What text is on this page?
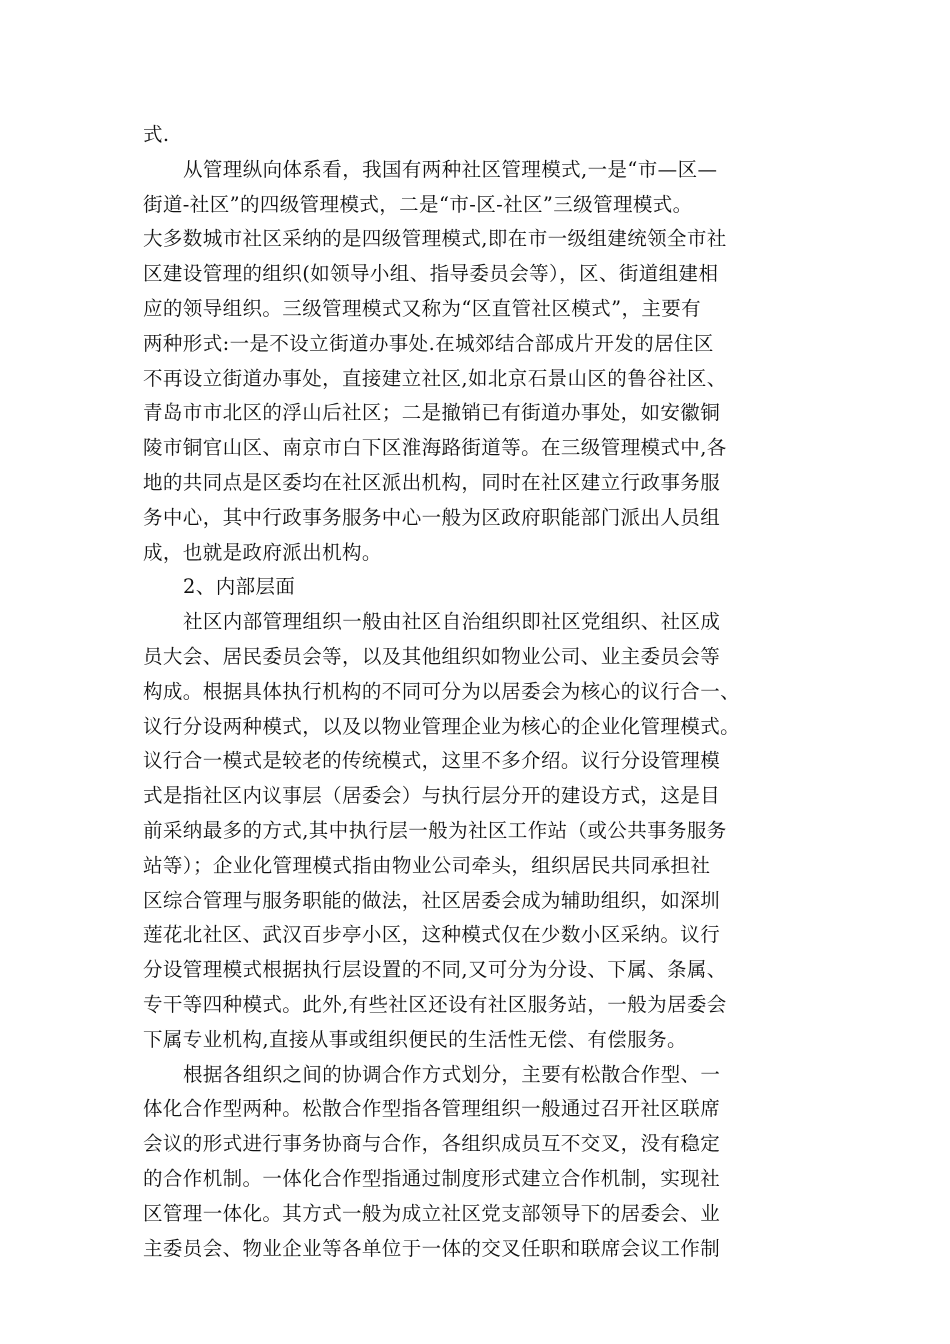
式.
从管理纵向体系看，我国有两种社区管理模式,一是“市—区—
街道-社区”的四级管理模式，二是“市-区-社区”三级管理模式。
大多数城市社区采纳的是四级管理模式,即在市一级组建统领全市社
区建设管理的组织(如领导小组、指导委员会等），区、街道组建相
应的领导组织。三级管理模式又称为“区直管社区模式”，主要有
两种形式:一是不设立街道办事处.在城郊结合部成片开发的居住区
不再设立街道办事处，直接建立社区,如北京石景山区的鲁谷社区、
青岛市市北区的浮山后社区；二是撤销已有街道办事处，如安徽铜
陵市铜官山区、南京市白下区淮海路街道等。在三级管理模式中,各
地的共同点是区委均在社区派出机构，同时在社区建立行政事务服
务中心，其中行政事务服务中心一般为区政府职能部门派出人员组
成，也就是政府派出机构。
2、内部层面
社区内部管理组织一般由社区自治组织即社区党组织、社区成
员大会、居民委员会等，以及其他组织如物业公司、业主委员会等
构成。根据具体执行机构的不同可分为以居委会为核心的议行合一、
议行分设两种模式，以及以物业管理企业为核心的企业化管理模式。
议行合一模式是较老的传统模式，这里不多介绍。议行分设管理模
式是指社区内议事层（居委会）与执行层分开的建设方式，这是目
前采纳最多的方式,其中执行层一般为社区工作站（或公共事务服务
站等）；企业化管理模式指由物业公司牵头，组织居民共同承担社
区综合管理与服务职能的做法，社区居委会成为辅助组织，如深圳
莲花北社区、武汉百步亭小区，这种模式仅在少数小区采纳。议行
分设管理模式根据执行层设置的不同,又可分为分设、下属、条属、
专干等四种模式。此外,有些社区还设有社区服务站，一般为居委会
下属专业机构,直接从事或组织便民的生活性无偿、有偿服务。
根据各组织之间的协调合作方式划分，主要有松散合作型、一
体化合作型两种。松散合作型指各管理组织一般通过召开社区联席
会议的形式进行事务协商与合作，各组织成员互不交叉，没有稳定
的合作机制。一体化合作型指通过制度形式建立合作机制，实现社
区管理一体化。其方式一般为成立社区党支部领导下的居委会、业
主委员会、物业企业等各单位于一体的交叉任职和联席会议工作制
